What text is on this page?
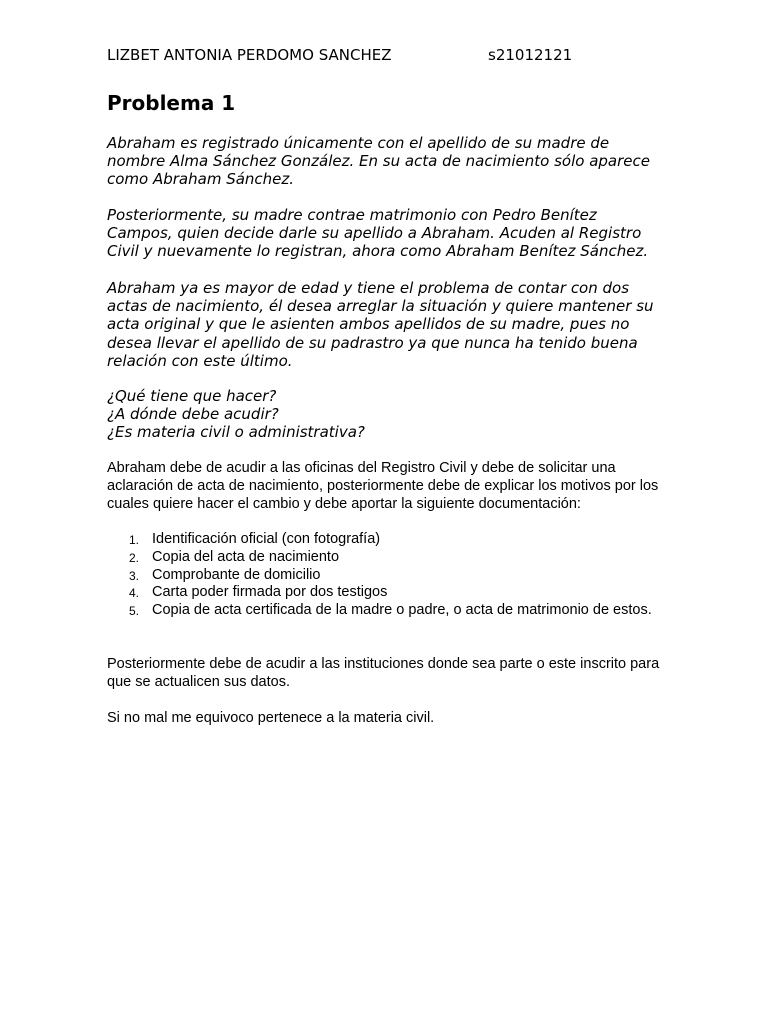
LIZBET ANTONIA PERDOMO SANCHEZ	s21012121
Problema 1

Abraham es registrado únicamente con el apellido de su madre de nombre Alma Sánchez González. En su acta de nacimiento sólo aparece como Abraham Sánchez.

Posteriormente, su madre contrae matrimonio con Pedro Benítez Campos, quien decide darle su apellido a Abraham. Acuden al Registro Civil y nuevamente lo registran, ahora como Abraham Benítez Sánchez.

Abraham ya es mayor de edad y tiene el problema de contar con dos actas de nacimiento, él desea arreglar la situación y quiere mantener su acta original y que le asienten ambos apellidos de su madre, pues no desea llevar el apellido de su padrastro ya que nunca ha tenido buena relación con este último.

¿Qué tiene que hacer?
¿A dónde debe acudir?
¿Es materia civil o administrativa?

Abraham debe de acudir a las oficinas del Registro Civil y debe de solicitar una aclaración de acta de nacimiento, posteriormente debe de explicar los motivos por los cuales quiere hacer el cambio y debe aportar la siguiente documentación:

1. Identificación oficial (con fotografía)
2. Copia del acta de nacimiento
3. Comprobante de domicilio
4. Carta poder firmada por dos testigos
5. Copia de acta certificada de la madre o padre, o acta de matrimonio de estos.

Posteriormente debe de acudir a las instituciones donde sea parte o este inscrito para que se actualicen sus datos.

Si no mal me equivoco pertenece a la materia civil.
